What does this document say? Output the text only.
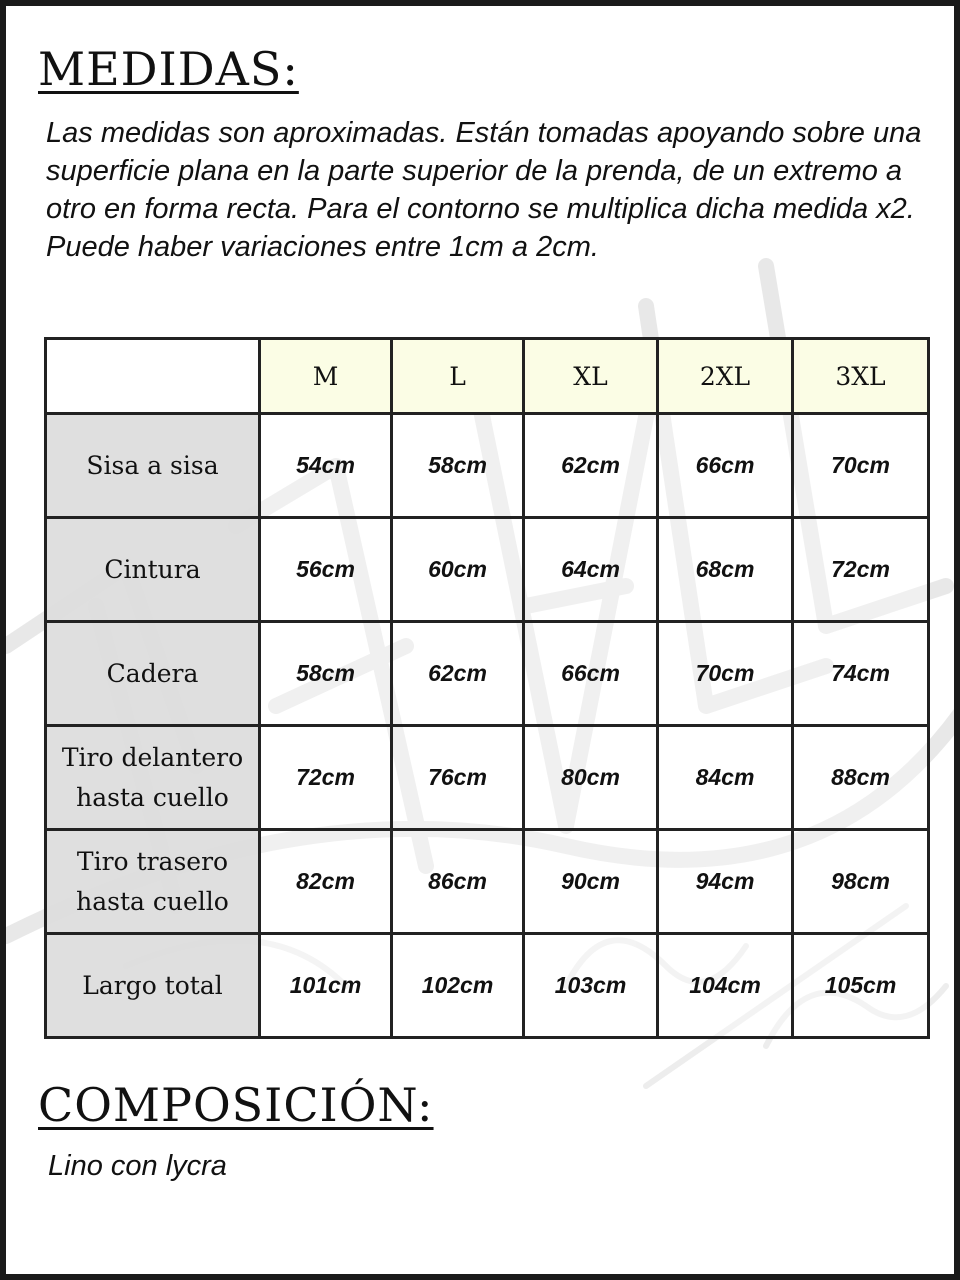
MEDIDAS:

Las medidas son aproximadas. Están tomadas apoyando sobre una superficie plana en la parte superior de la prenda, de un extremo a otro en forma recta. Para el contorno se multiplica dicha medida x2. Puede haber variaciones entre 1cm a 2cm.

	M	L	XL	2XL	3XL
Sisa a sisa	54cm	58cm	62cm	66cm	70cm
Cintura	56cm	60cm	64cm	68cm	72cm
Cadera	58cm	62cm	66cm	70cm	74cm
Tiro delantero
hasta cuello	72cm	76cm	80cm	84cm	88cm
Tiro trasero
hasta cuello	82cm	86cm	90cm	94cm	98cm
Largo total	101cm	102cm	103cm	104cm	105cm
COMPOSICIÓN:

Lino con lycra
